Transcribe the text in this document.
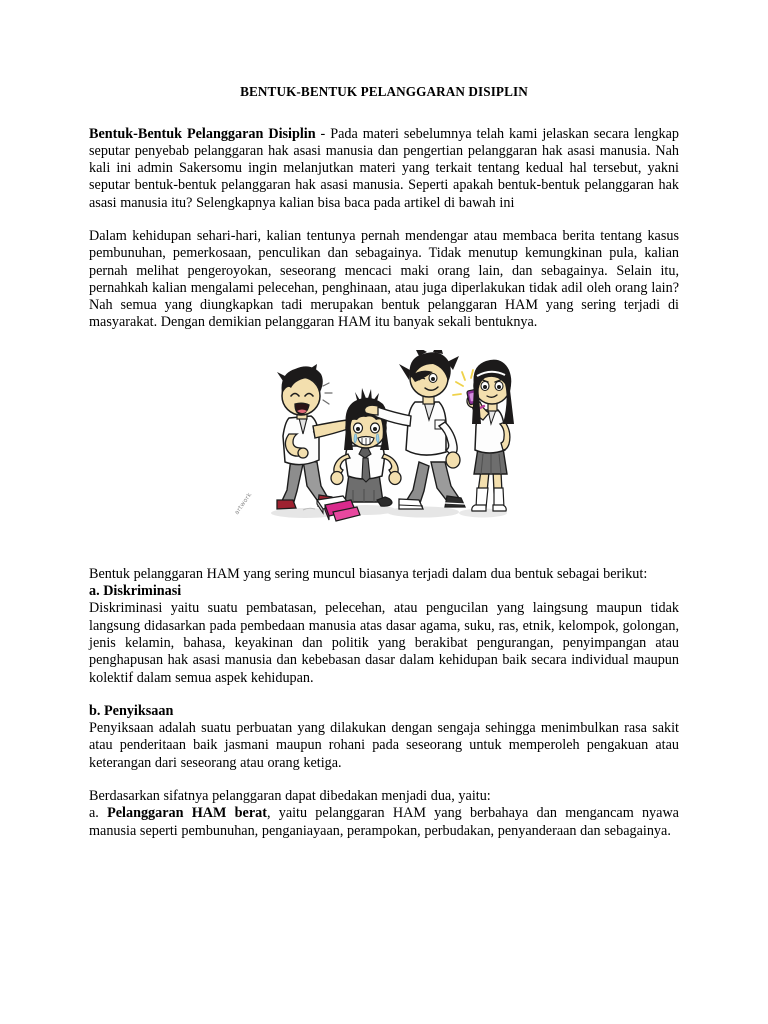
BENTUK-BENTUK PELANGGARAN DISIPLIN

Bentuk-Bentuk Pelanggaran Disiplin - Pada materi sebelumnya telah kami jelaskan secara lengkap seputar penyebab pelanggaran hak asasi manusia dan pengertian pelanggaran hak asasi manusia. Nah kali ini admin Sakersomu ingin melanjutkan materi yang terkait tentang kedual hal tersebut, yakni seputar bentuk-bentuk pelanggaran hak asasi manusia. Seperti apakah bentuk-bentuk pelanggaran hak asasi manusia itu? Selengkapnya kalian bisa baca pada artikel di bawah ini

Dalam kehidupan sehari-hari, kalian tentunya pernah mendengar atau membaca berita tentang kasus pembunuhan, pemerkosaan, penculikan dan sebagainya. Tidak menutup kemungkinan pula, kalian pernah melihat pengeroyokan, seseorang mencaci maki orang lain, dan sebagainya. Selain itu, pernahkah kalian mengalami pelecehan, penghinaan, atau juga diperlakukan tidak adil oleh orang lain? Nah semua yang diungkapkan tadi merupakan bentuk pelanggaran HAM yang sering terjadi di masyarakat. Dengan demikian pelanggaran HAM itu banyak sekali bentuknya.

artwork

Bentuk pelanggaran HAM yang sering muncul biasanya terjadi dalam dua bentuk sebagai berikut:

a. Diskriminasi

Diskriminasi yaitu suatu pembatasan, pelecehan, atau pengucilan yang laingsung maupun tidak langsung didasarkan pada pembedaan manusia atas dasar agama, suku, ras, etnik, kelompok, golongan, jenis kelamin, bahasa, keyakinan dan politik yang berakibat pengurangan, penyimpangan atau penghapusan hak asasi manusia dan kebebasan dasar dalam kehidupan baik secara individual maupun kolektif dalam semua aspek kehidupan.

b. Penyiksaan

Penyiksaan adalah suatu perbuatan yang dilakukan dengan sengaja sehingga menimbulkan rasa sakit atau penderitaan baik jasmani maupun rohani pada seseorang untuk memperoleh pengakuan atau keterangan dari seseorang atau orang ketiga.

Berdasarkan sifatnya pelanggaran dapat dibedakan menjadi dua, yaitu:

a. Pelanggaran HAM berat, yaitu pelanggaran HAM yang berbahaya dan mengancam nyawa manusia seperti pembunuhan, penganiayaan, perampokan, perbudakan, penyanderaan dan sebagainya.
